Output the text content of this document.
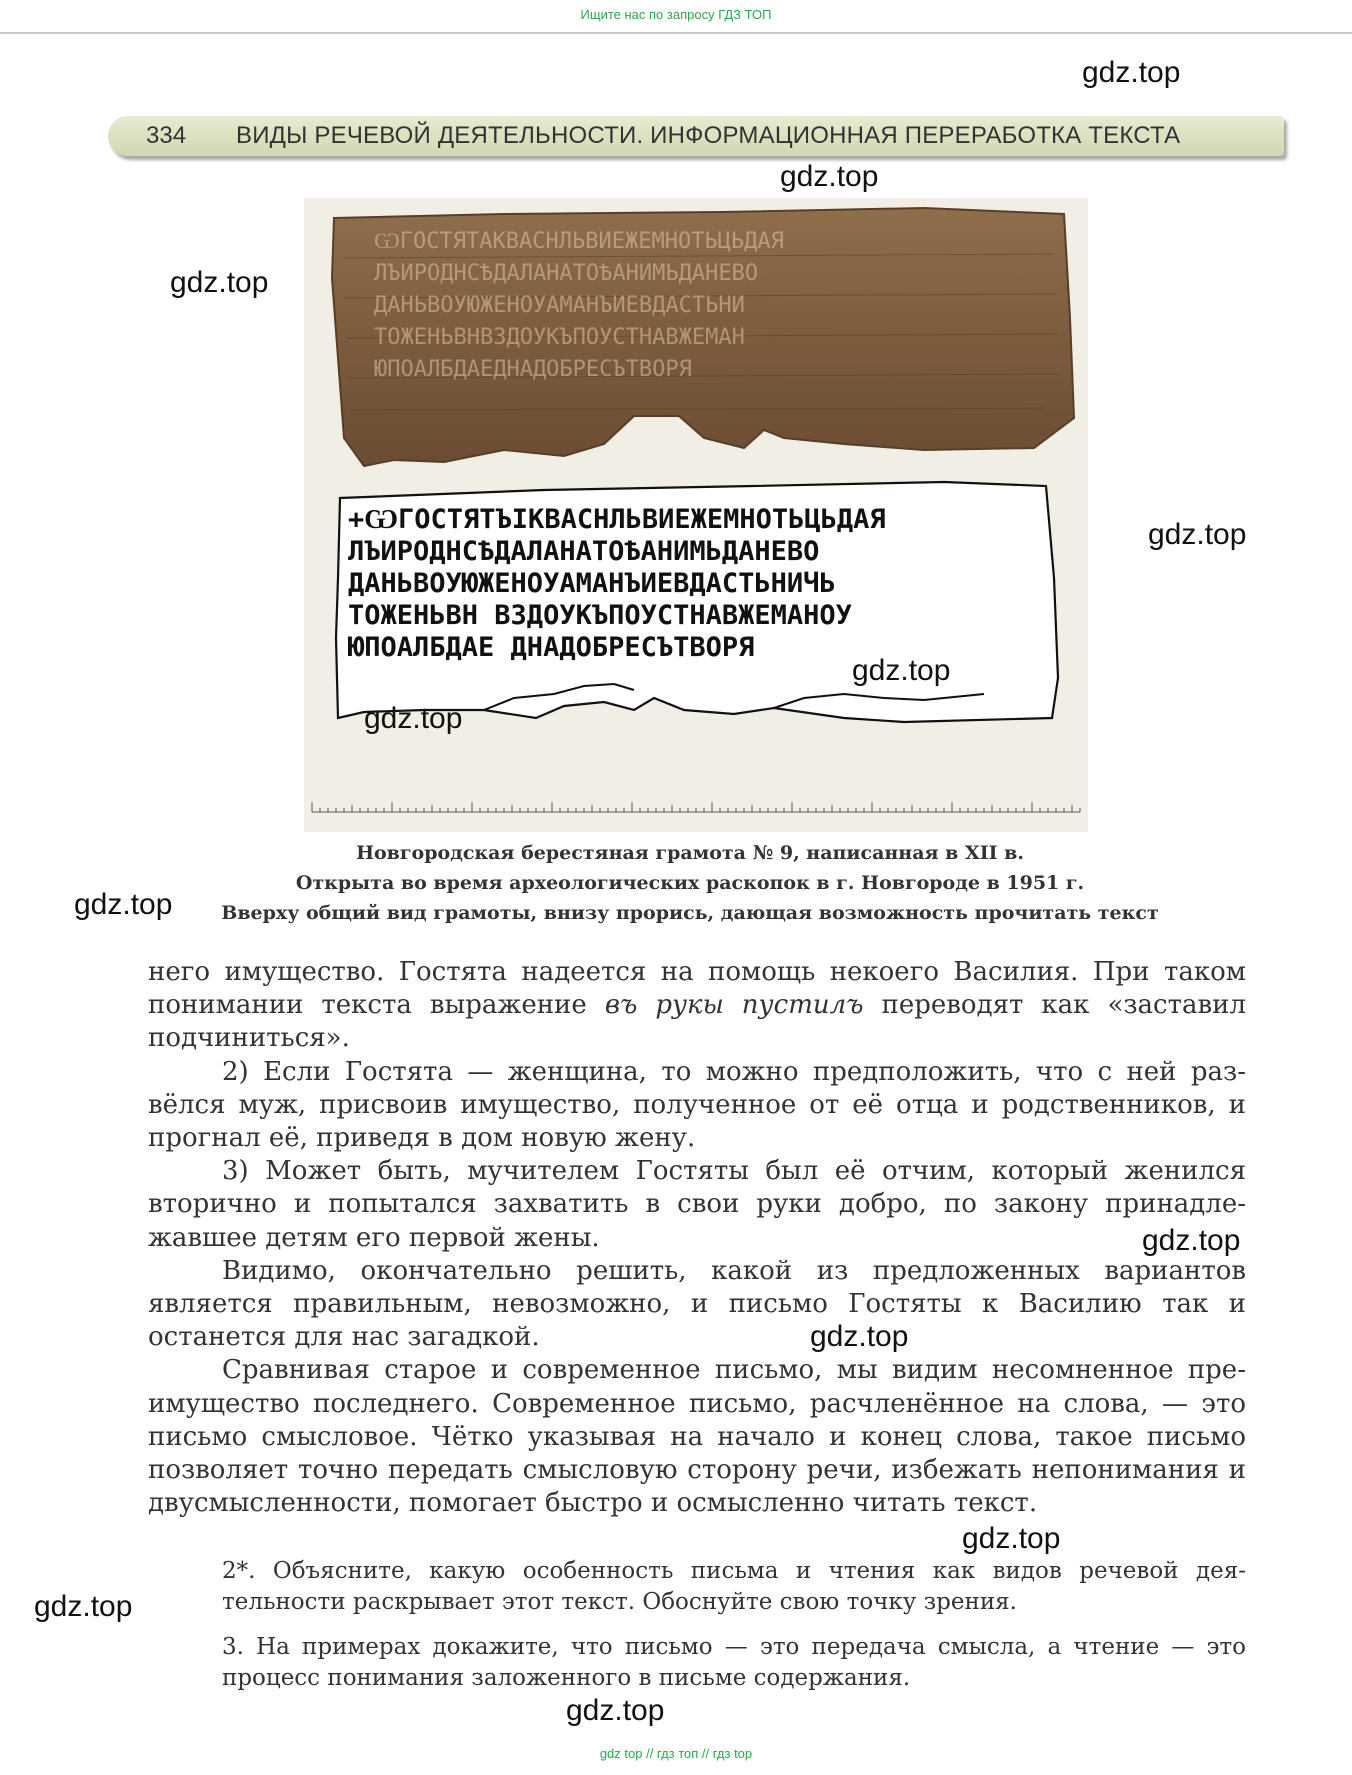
Ищите нас по запросу ГДЗ ТОП
gdz.top
334 ВИДЫ РЕЧЕВОЙ ДЕЯТЕЛЬНОСТИ. ИНФОРМАЦИОННАЯ ПЕРЕРАБОТКА ТЕКСТА
gdz.top
gdz.top
ѠГОСТЯТАКВАСНЛЬВИЕЖЕМНОТЬЦЬДАЯ
ЛЪИРОДНСѢДАЛАНАТОѢАНИМЬДАНЕВО
ДАНЬВОУЮЖЕНОУАМАНЪИЕВДАСТЬНИ
ТОЖЕНЬВНВЗДОУКЪПОУСТНАВЖЕМАН
ЮПОАЛБДАЕДНАДОБРЕСЪТВОРЯ
+ѠГОСТЯТЪIКВАСНЛЬВИЕЖЕМНОТЬЦЬДАЯ
ЛЪИРОДНСѢДАЛАНАТОѢАНИМЬДАНЕВО
ДАНЬВОУЮЖЕНОУАМАНЪИЕВДАСТЬНИЧЬ
ТОЖЕНЬВН ВЗДОУКЪПОУСТНАВЖЕМАНОУ
ЮПОАЛБДАЕ ДНАДОБРЕСЪТВОРЯ
gdz.top
gdz.top
gdz.top
Новгородская берестяная грамота № 9, написанная в XII в.
Открыта во время археологических раскопок в г. Новгороде в 1951 г.
Вверху общий вид грамоты, внизу прорись, дающая возможность прочитать текст
gdz.top

него имущество. Гостята надеется на помощь некоего Василия. При таком понимании текста выражение въ рукы пустилъ переводят как «заставил подчиниться».

2) Если Гостята — женщина, то можно предположить, что с ней развёлся муж, присвоив имущество, полученное от её отца и родственников, и прогнал её, приведя в дом новую жену.

3) Может быть, мучителем Гостяты был её отчим, который женился вторично и попытался захватить в свои руки добро, по закону принадлежавшее детям его первой жены.

Видимо, окончательно решить, какой из предложенных вариантов является правильным, невозможно, и письмо Гостяты к Василию так и останется для нас загадкой.

Сравнивая старое и современное письмо, мы видим несомненное преимущество последнего. Современное письмо, расчленённое на слова, — это письмо смысловое. Чётко указывая на начало и конец слова, такое письмо позволяет точно передать смысловую сторону речи, избежать непонимания и двусмысленности, помогает быстро и осмысленно читать текст.

gdz.top
gdz.top
gdz.top

2*. Объясните, какую особенность письма и чтения как видов речевой деятельности раскрывает этот текст. Обоснуйте свою точку зрения.

3. На примерах докажите, что письмо — это передача смысла, а чтение — это процесс понимания заложенного в письме содержания.

gdz.top
gdz.top
gdz top // гдз топ // гдз top
